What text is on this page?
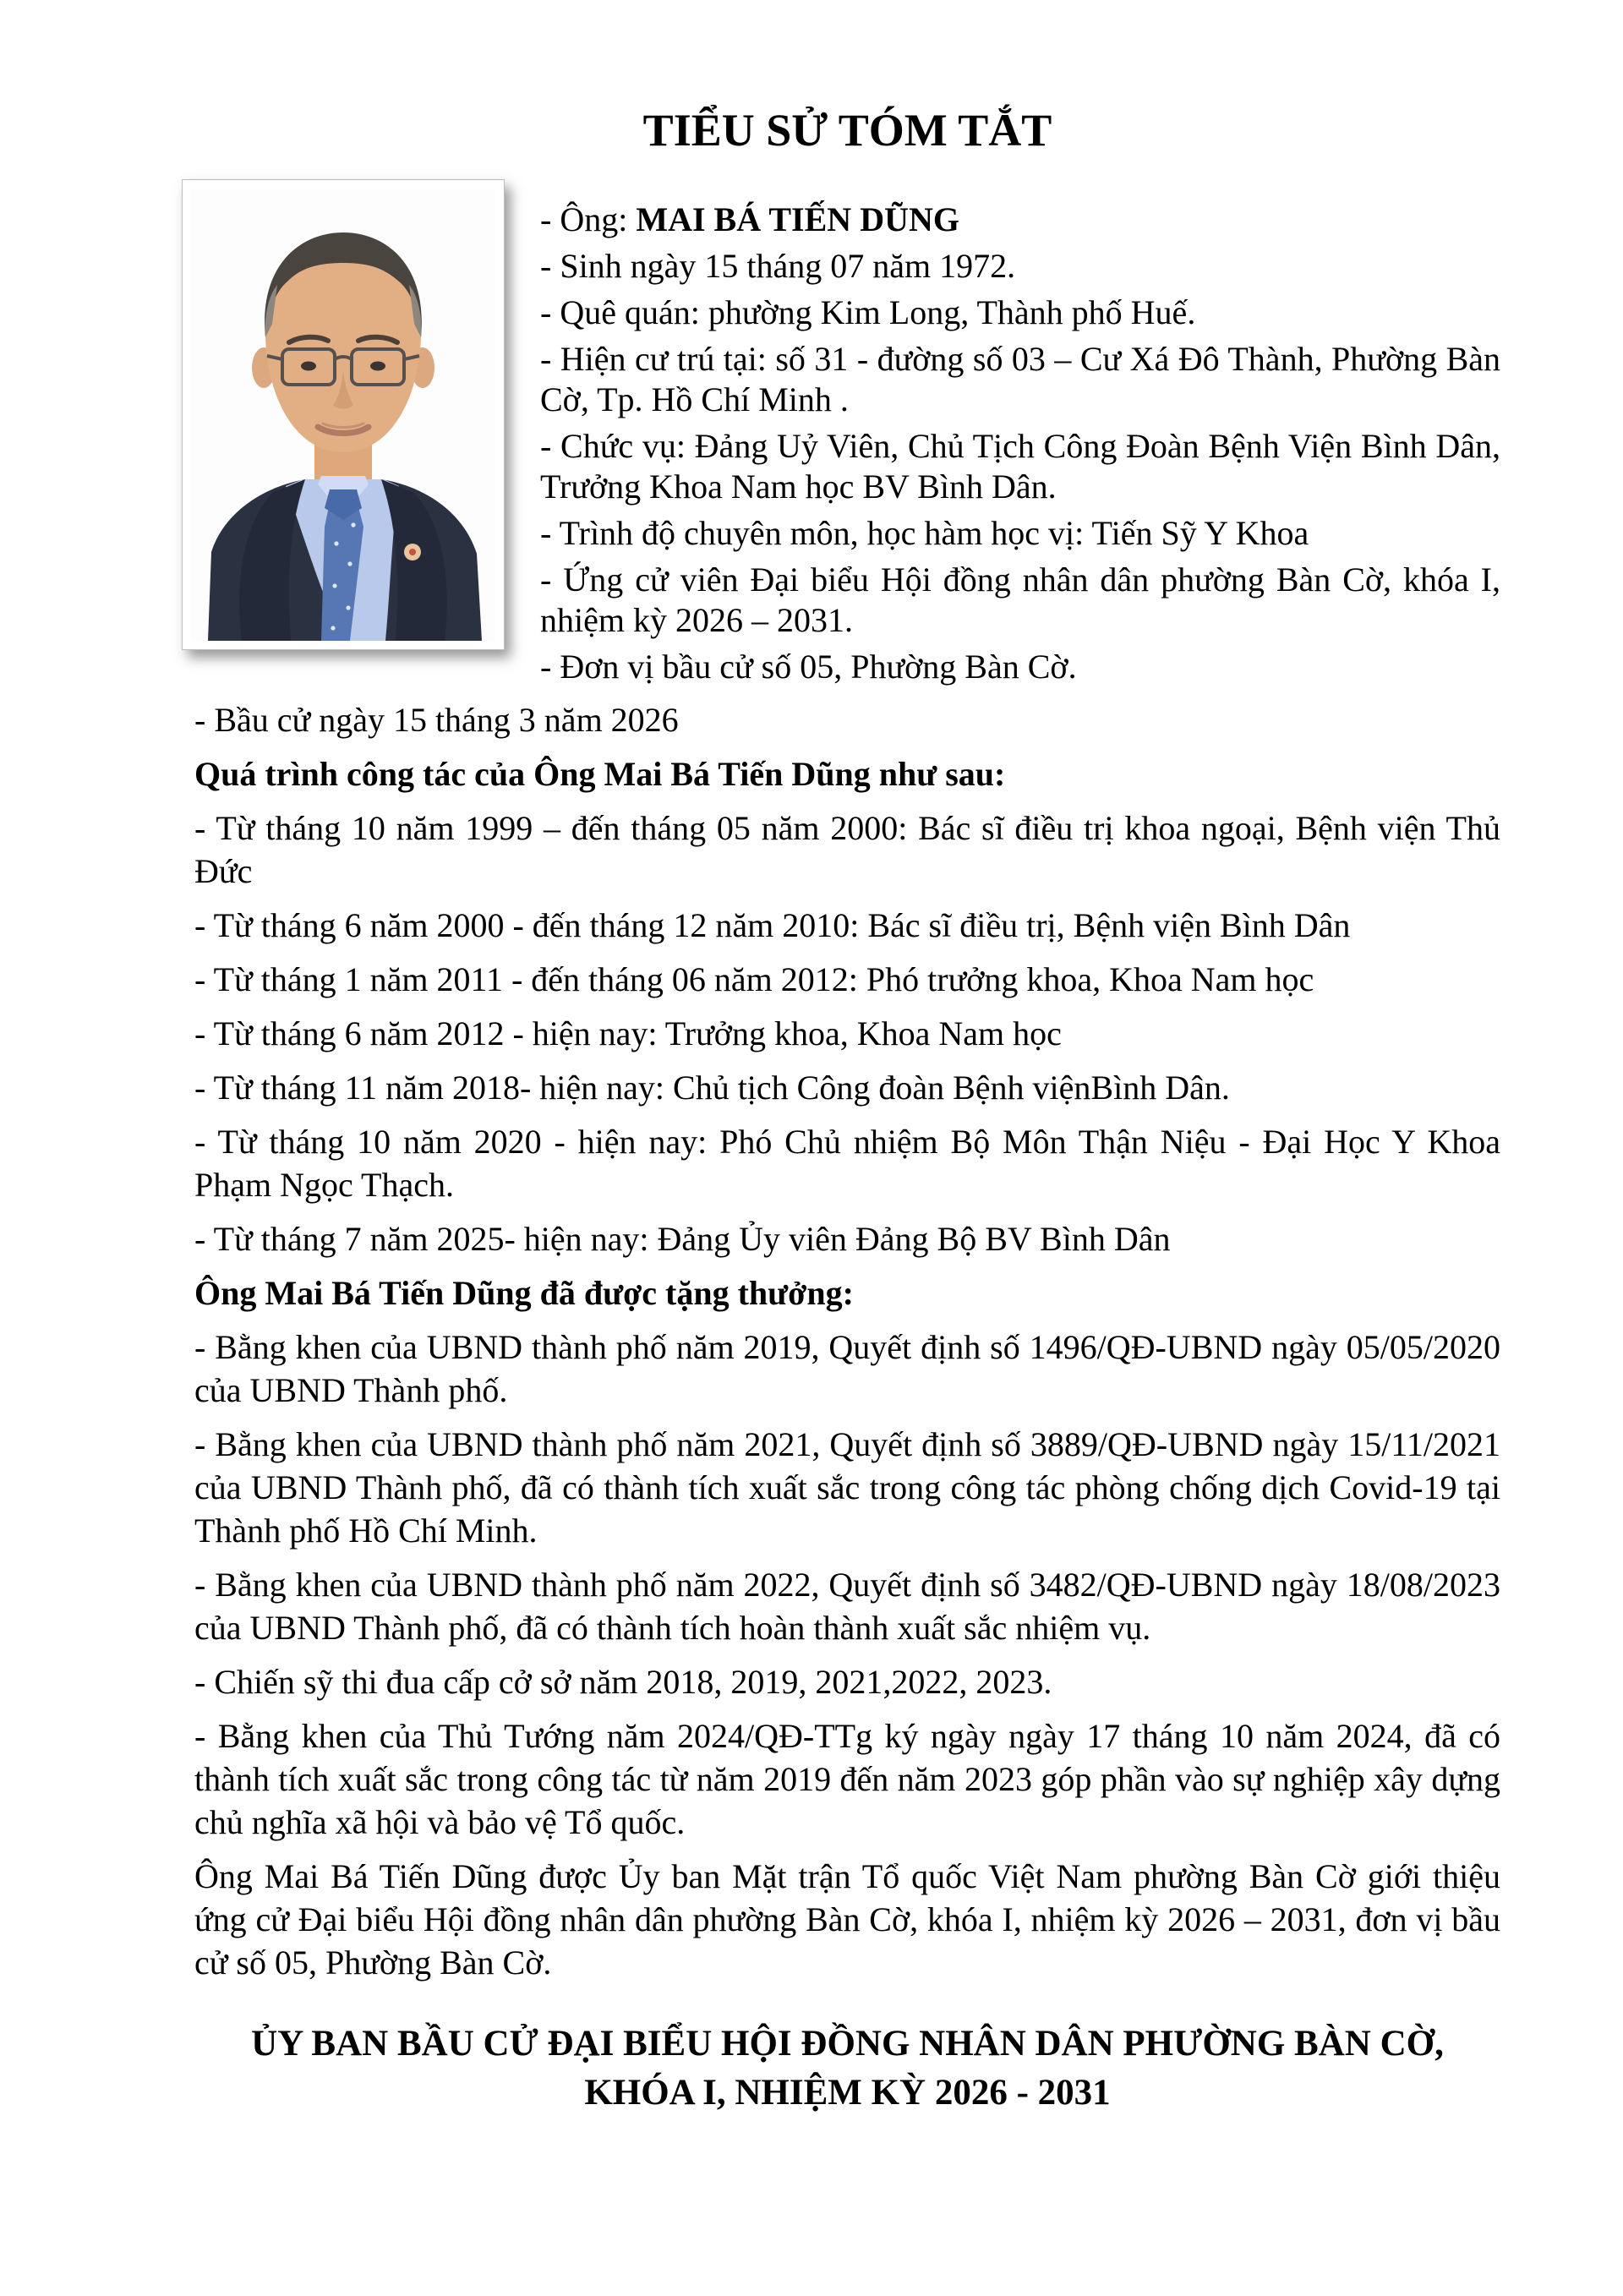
TIỂU SỬ TÓM TẮT

- Ông: MAI BÁ TIẾN DŨNG

- Sinh ngày 15 tháng 07 năm 1972.

- Quê quán: phường Kim Long, Thành phố Huế.

- Hiện cư trú tại: số 31 - đường số 03 – Cư Xá Đô Thành, Phường Bàn Cờ, Tp. Hồ Chí Minh .

- Chức vụ: Đảng Uỷ Viên, Chủ Tịch Công Đoàn Bệnh Viện Bình Dân, Trưởng Khoa Nam học BV Bình Dân.

- Trình độ chuyên môn, học hàm học vị: Tiến Sỹ Y Khoa

- Ứng cử viên Đại biểu Hội đồng nhân dân phường Bàn Cờ, khóa I, nhiệm kỳ 2026 – 2031.

- Đơn vị bầu cử số 05, Phường Bàn Cờ.

- Bầu cử ngày 15 tháng 3 năm 2026

Quá trình công tác của Ông Mai Bá Tiến Dũng như sau:

- Từ tháng 10 năm 1999 – đến tháng 05 năm 2000: Bác sĩ điều trị khoa ngoại, Bệnh viện Thủ Đức

- Từ tháng 6 năm 2000 - đến tháng 12 năm 2010: Bác sĩ điều trị, Bệnh viện Bình Dân

- Từ tháng 1 năm 2011 - đến tháng 06 năm 2012: Phó trưởng khoa, Khoa Nam học

- Từ tháng 6 năm 2012 - hiện nay: Trưởng khoa, Khoa Nam học

- Từ tháng 11 năm 2018- hiện nay: Chủ tịch Công đoàn Bệnh việnBình Dân.

- Từ tháng 10 năm 2020 - hiện nay: Phó Chủ nhiệm Bộ Môn Thận Niệu - Đại Học Y Khoa Phạm Ngọc Thạch.

- Từ tháng 7 năm 2025- hiện nay: Đảng Ủy viên Đảng Bộ BV Bình Dân

Ông Mai Bá Tiến Dũng đã được tặng thưởng:

- Bằng khen của UBND thành phố năm 2019, Quyết định số 1496/QĐ-UBND ngày 05/05/2020 của UBND Thành phố.

- Bằng khen của UBND thành phố năm 2021, Quyết định số 3889/QĐ-UBND ngày 15/11/2021 của UBND Thành phố, đã có thành tích xuất sắc trong công tác phòng chống dịch Covid-19 tại Thành phố Hồ Chí Minh.

- Bằng khen của UBND thành phố năm 2022, Quyết định số 3482/QĐ-UBND ngày 18/08/2023 của UBND Thành phố, đã có thành tích hoàn thành xuất sắc nhiệm vụ.

- Chiến sỹ thi đua cấp cở sở năm 2018, 2019, 2021,2022, 2023.

- Bằng khen của Thủ Tướng năm 2024/QĐ-TTg ký ngày ngày 17 tháng 10 năm 2024, đã có thành tích xuất sắc trong công tác từ năm 2019 đến năm 2023 góp phần vào sự nghiệp xây dựng chủ nghĩa xã hội và bảo vệ Tổ quốc.

Ông Mai Bá Tiến Dũng được Ủy ban Mặt trận Tổ quốc Việt Nam phường Bàn Cờ giới thiệu ứng cử Đại biểu Hội đồng nhân dân phường Bàn Cờ, khóa I, nhiệm kỳ 2026 – 2031, đơn vị bầu cử số 05, Phường Bàn Cờ.

ỦY BAN BẦU CỬ ĐẠI BIỂU HỘI ĐỒNG NHÂN DÂN PHƯỜNG BÀN CỜ,

KHÓA I, NHIỆM KỲ 2026 - 2031
